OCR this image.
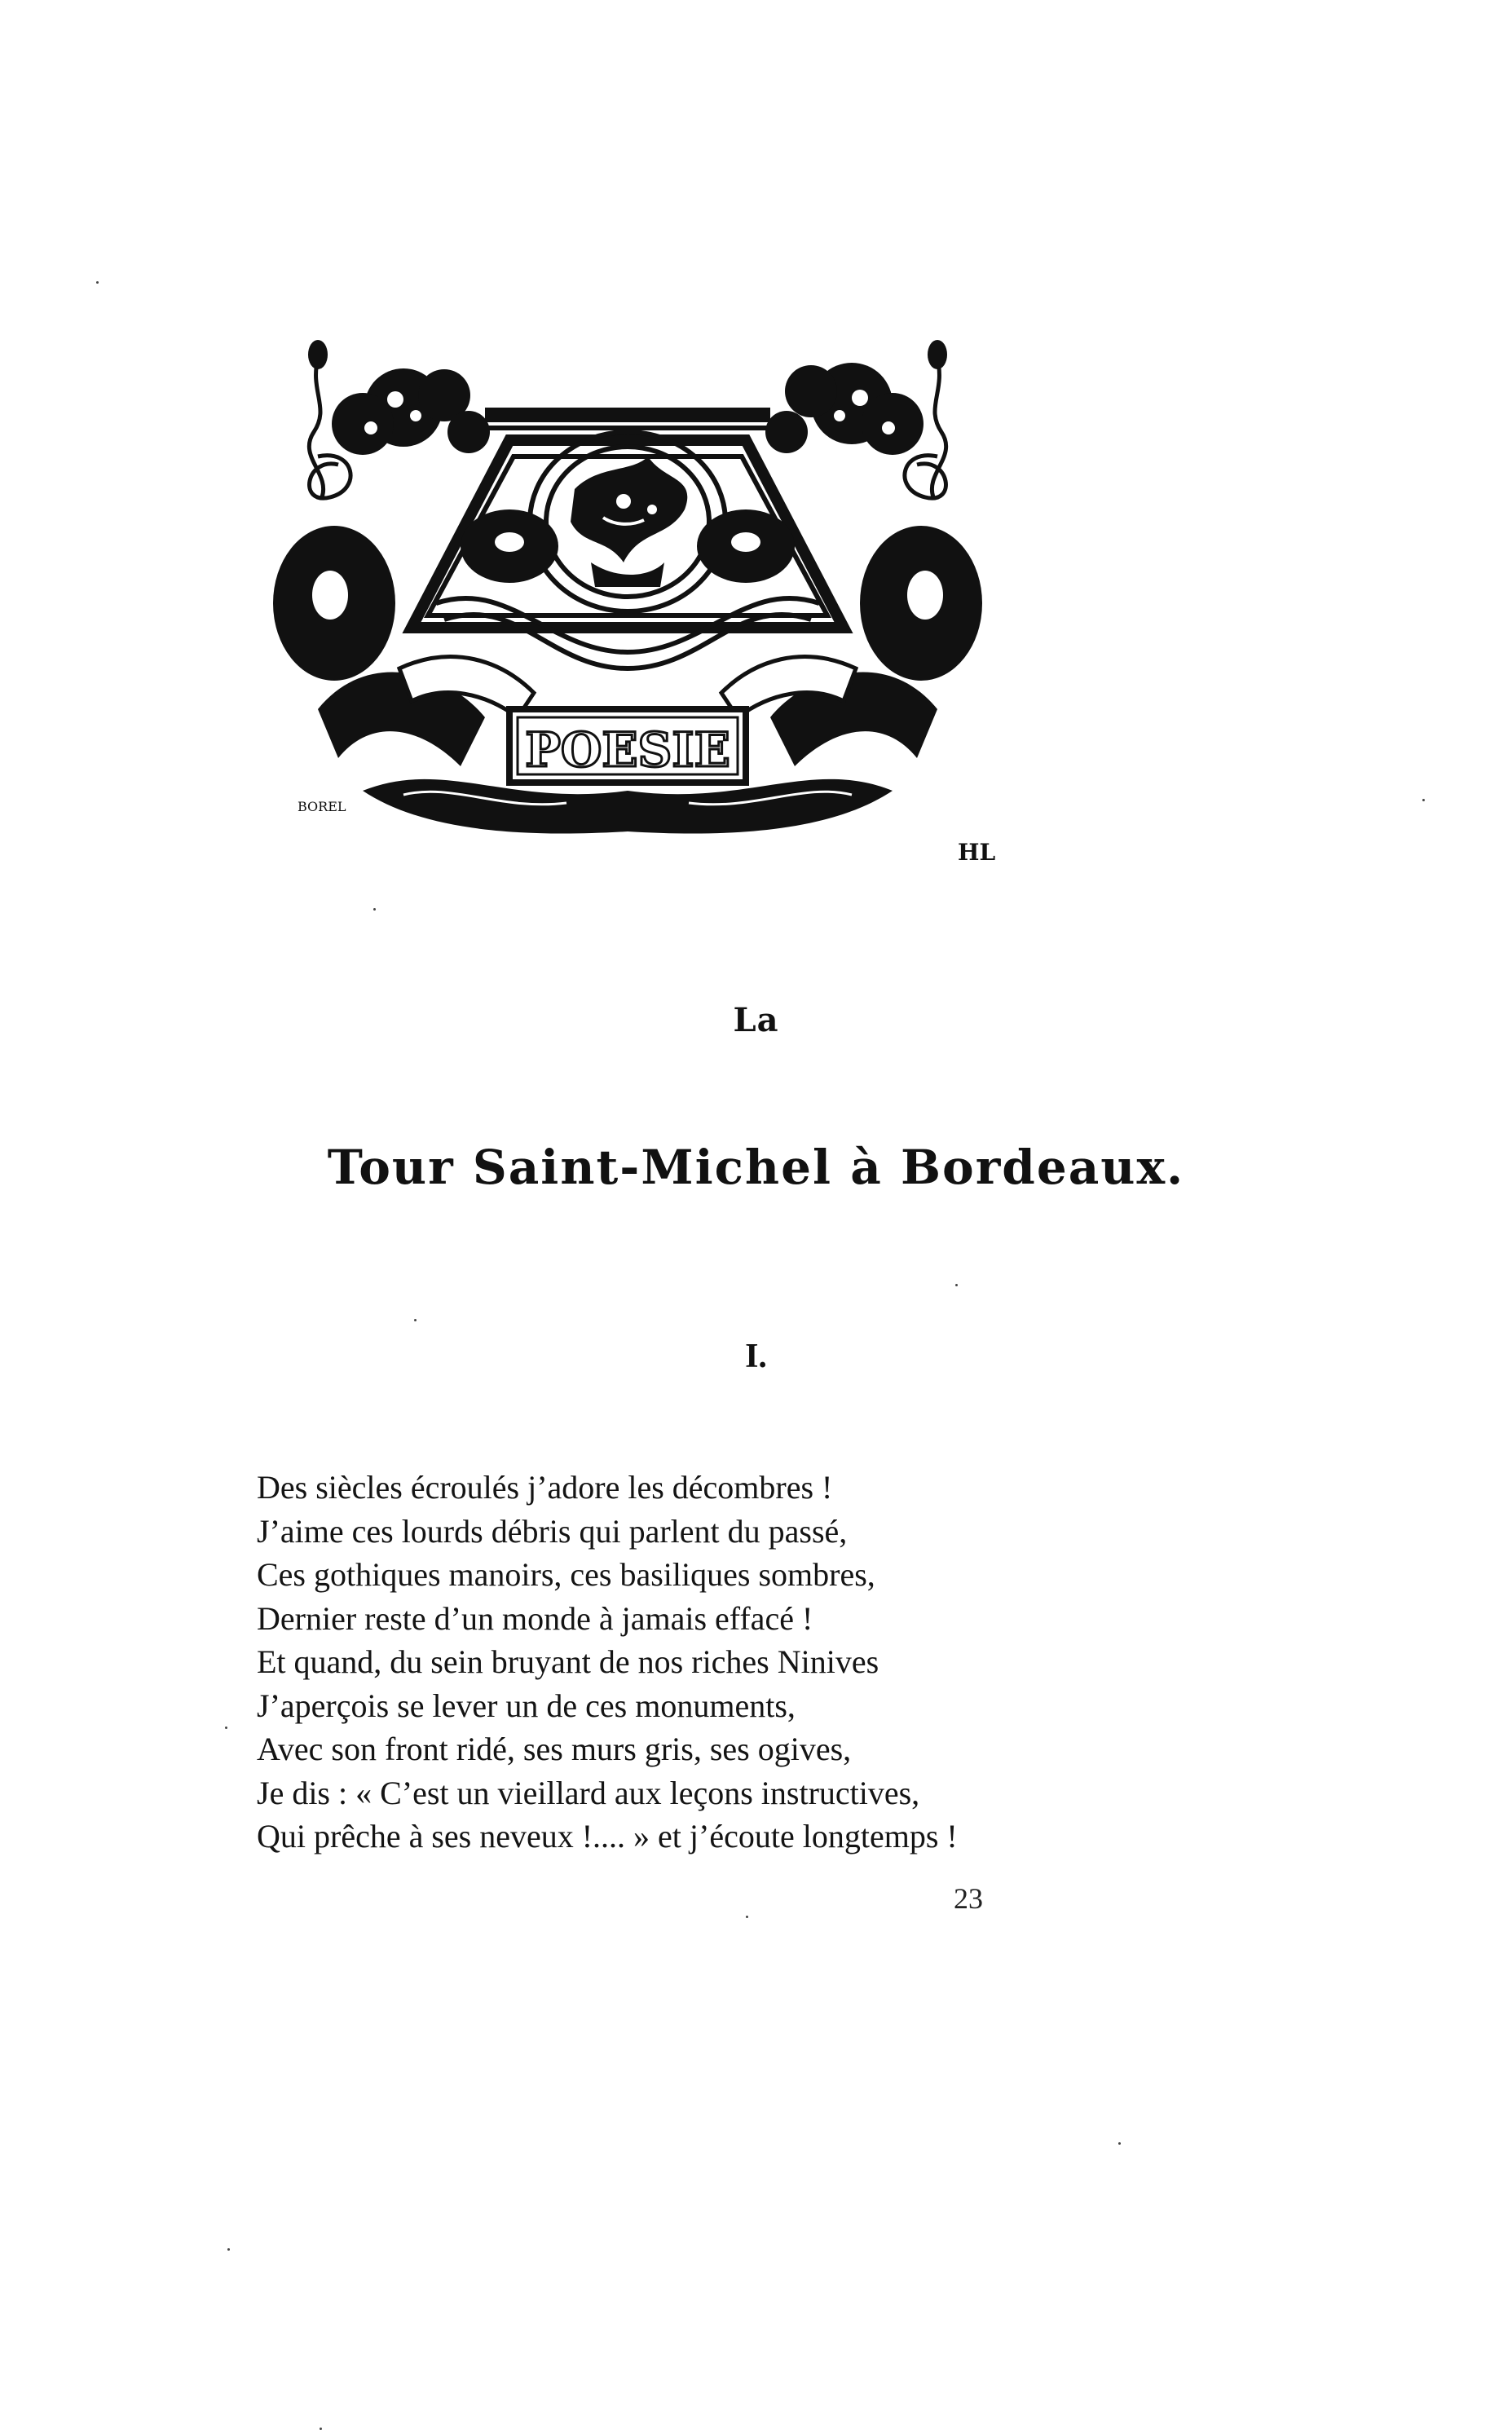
POESIE
BOREL
HL
La
Tour Saint-Michel à Bordeaux.
I.
Des siècles écroulés j’adore les décombres !
J’aime ces lourds débris qui parlent du passé,
Ces gothiques manoirs, ces basiliques sombres,
Dernier reste d’un monde à jamais effacé !
Et quand, du sein bruyant de nos riches Ninives
J’aperçois se lever un de ces monuments,
Avec son front ridé, ses murs gris, ses ogives,
Je dis : « C’est un vieillard aux leçons instructives,
Qui prêche à ses neveux !.... » et j’écoute longtemps !
23
